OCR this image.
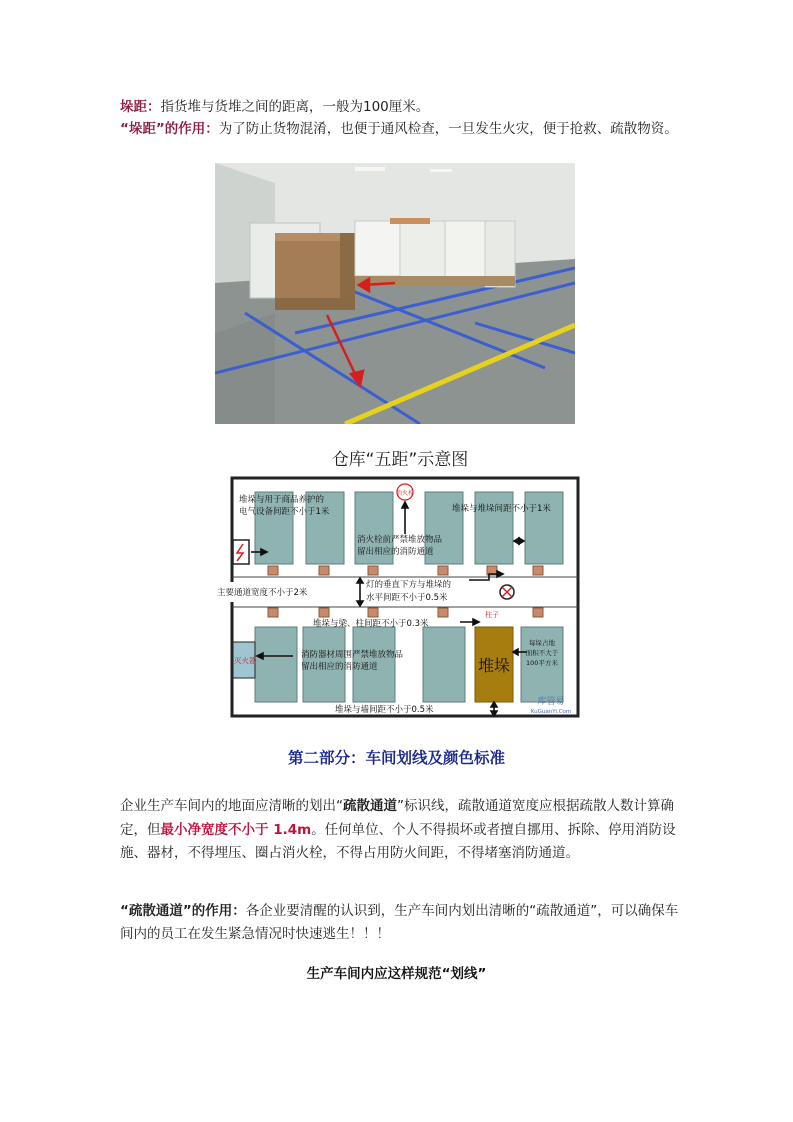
垛距：指货堆与货堆之间的距离，一般为100厘米。
“垛距”的作用：为了防止货物混淆，也便于通风检查，一旦发生火灾，便于抢救、疏散物资。
仓库“五距”示意图
消火栓
堆垛与用于商品养护的
电气设备间距不小于1米	堆垛与堆垛间距不小于1米
消火栓前严禁堆放物品
留出相应的消防通道
主要通道宽度不小于2米
灯的垂直下方与堆垛的
水平间距不小于0.5米
堆垛与梁、柱间距不小于0.3米
消防器材周围严禁堆放物品
留出相应的消防通道
堆垛与墙间距不小于0.5米
灭火器
柱子
堆垛
每垛占地
面积不大于
100平方米
库管易
KuGuanYi.Com
第二部分：车间划线及颜色标准
企业生产车间内的地面应清晰的划出“疏散通道”标识线，疏散通道宽度应根据疏散人数计算确定，但最小净宽度不小于 1.4m。任何单位、个人不得损坏或者擅自挪用、拆除、停用消防设施、器材，不得埋压、圈占消火栓，不得占用防火间距，不得堵塞消防通道。
“疏散通道”的作用：各企业要清醒的认识到，生产车间内划出清晰的“疏散通道”，可以确保车间内的员工在发生紧急情况时快速逃生！！！
生产车间内应这样规范“划线”
